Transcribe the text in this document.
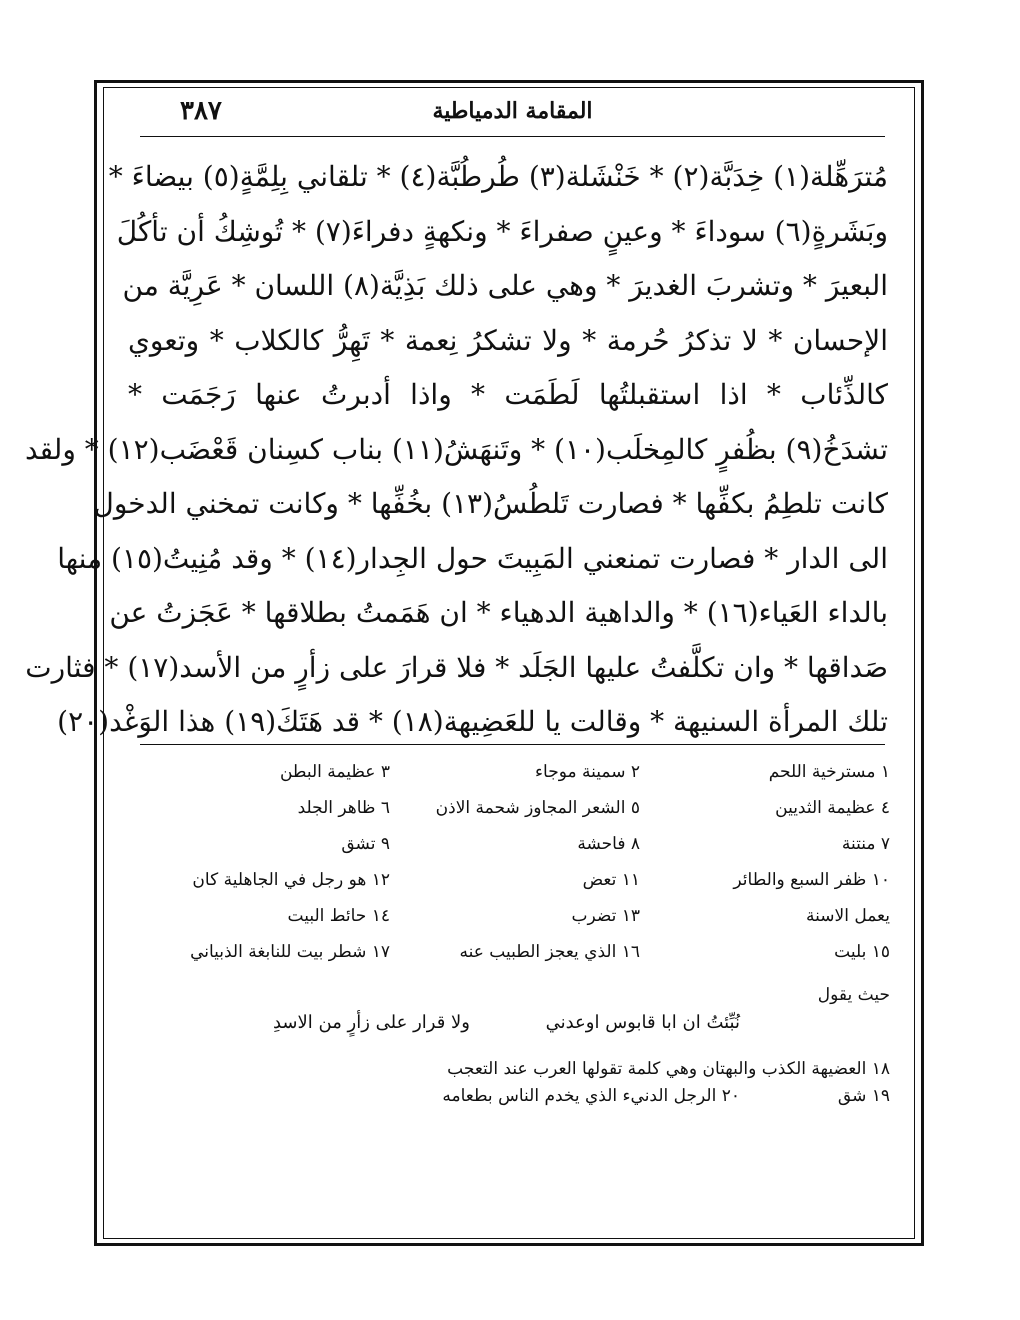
٣٨٧	المقامة الدمياطية
مُترَهِّلة(١) خِدَبَّة(٢) * خَنْشَلة(٣) طُرطُبَّة(٤) * تلقاني بِلِمَّةٍ(٥) بيضاءَ *
وبَشَرةٍ(٦) سوداءَ * وعينٍ صفراءَ * ونكهةٍ دفراءَ(٧) * تُوشِكُ أن تأكُلَ
البعيرَ * وتشربَ الغديرَ * وهي على ذلك بَذِيَّة(٨) اللسان * عَرِيَّة من
الإحسان * لا تذكرُ حُرمة * ولا تشكرُ نِعمة * تَهِرُّ كالكلاب * وتعوي
كالذِّئاب * اذا استقبلتُها لَطَمَت * واذا أدبرتُ عنها رَجَمَت *
تشدَخُ(٩) بظُفرٍ كالمِخلَب(١٠) * وتَنهَشُ(١١) بناب كسِنان قَعْضَب(١٢) * ولقد
كانت تلطِمُ بكفِّها * فصارت تَلطُسُ(١٣) بخُفِّها * وكانت تمخني الدخول
الى الدار * فصارت تمنعني المَبِيتَ حول الجِدار(١٤) * وقد مُنِيتُ(١٥) منها
بالداء العَياء(١٦) * والداهية الدهياء * ان هَمَمتُ بطلاقها * عَجَزتُ عن
صَداقها * وان تكلَّفتُ عليها الجَلَد * فلا قرارَ على زأرٍ من الأسد(١٧) * فثارت
تلك المرأة السنيهة * وقالت يا للعَضِيهة(١٨) * قد هَتَكَ(١٩) هذا الوَغْد(٢٠)
١ مسترخية اللحم
٢ سمينة موجاء
٣ عظيمة البطن
٤ عظيمة الثديين
٥ الشعر المجاوز شحمة الاذن
٦ ظاهر الجلد
٧ منتنة
٨ فاحشة
٩ تشق
١٠ ظفر السبع والطائر
١١ تعض
١٢ هو رجل في الجاهلية كان
يعمل الاسنة
١٣ تضرب
١٤ حائط البيت
١٥ بليت
١٦ الذي يعجز الطبيب عنه
١٧ شطر بيت للنابغة الذبياني
حيث يقول
نُبِّئتُ ان ابا قابوس اوعدني
ولا قرار على زأرٍ من الاسدِ
١٨ العضيهة الكذب والبهتان وهي كلمة تقولها العرب عند التعجب
١٩ شق
٢٠ الرجل الدنيء الذي يخدم الناس بطعامه
